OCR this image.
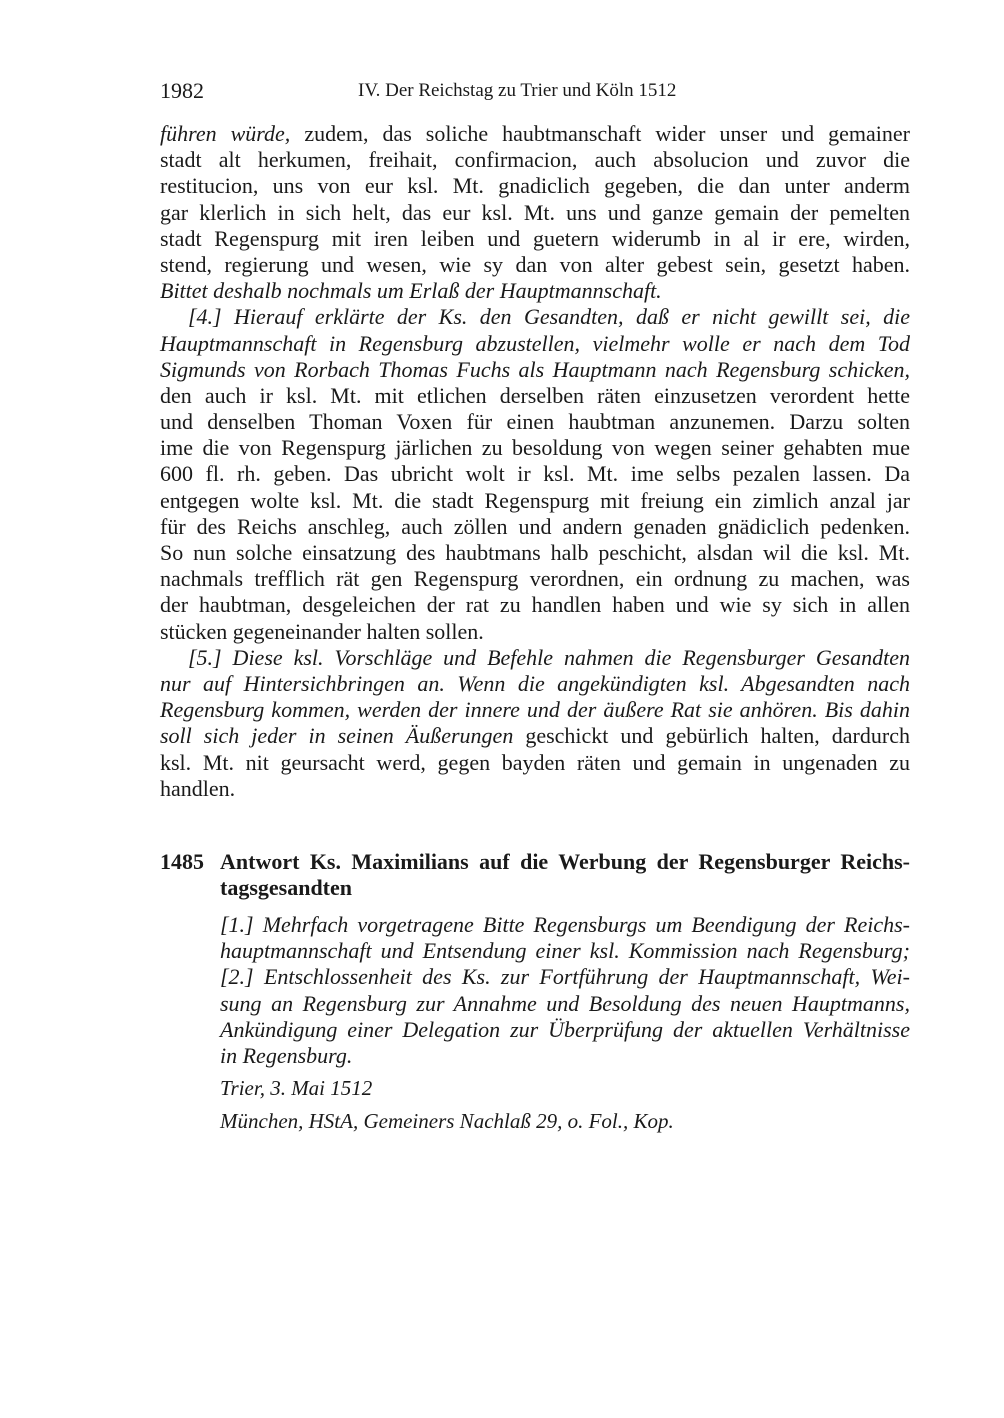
1982	IV. Der Reichstag zu Trier und Köln 1512
führen würde, zudem, das soliche haubtmanschaft wider unser und gemainer
stadt alt herkumen, freihait, confirmacion, auch absolucion und zuvor die
restitucion, uns von eur ksl. Mt. gnadiclich gegeben, die dan unter anderm
gar klerlich in sich helt, das eur ksl. Mt. uns und ganze gemain der pemelten
stadt Regenspurg mit iren leiben und guetern widerumb in al ir ere, wirden,
stend, regierung und wesen, wie sy dan von alter gebest sein, gesetzt haben.
Bittet deshalb nochmals um Erlaß der Hauptmannschaft.
[4.] Hierauf erklärte der Ks. den Gesandten, daß er nicht gewillt sei, die
Hauptmannschaft in Regensburg abzustellen, vielmehr wolle er nach dem Tod
Sigmunds von Rorbach Thomas Fuchs als Hauptmann nach Regensburg schicken,
den auch ir ksl. Mt. mit etlichen derselben räten einzusetzen verordent hette
und denselben Thoman Voxen für einen haubtman anzunemen. Darzu solten
ime die von Regenspurg järlichen zu besoldung von wegen seiner gehabten mue
600 fl. rh. geben. Das ubricht wolt ir ksl. Mt. ime selbs pezalen lassen. Da
entgegen wolte ksl. Mt. die stadt Regenspurg mit freiung ein zimlich anzal jar
für des Reichs anschleg, auch zöllen und andern genaden gnädiclich pedenken.
So nun solche einsatzung des haubtmans halb peschicht, alsdan wil die ksl. Mt.
nachmals trefflich rät gen Regenspurg verordnen, ein ordnung zu machen, was
der haubtman, desgeleichen der rat zu handlen haben und wie sy sich in allen
stücken gegeneinander halten sollen.
[5.] Diese ksl. Vorschläge und Befehle nahmen die Regensburger Gesandten
nur auf Hintersichbringen an. Wenn die angekündigten ksl. Abgesandten nach
Regensburg kommen, werden der innere und der äußere Rat sie anhören. Bis dahin
soll sich jeder in seinen Äußerungen geschickt und gebürlich halten, dardurch
ksl. Mt. nit geursacht werd, gegen bayden räten und gemain in ungenaden zu
handlen.
1485 Antwort Ks. Maximilians auf die Werbung der Regensburger Reichs-
tagsgesandten
[1.] Mehrfach vorgetragene Bitte Regensburgs um Beendigung der Reichs-
hauptmannschaft und Entsendung einer ksl. Kommission nach Regensburg;
[2.] Entschlossenheit des Ks. zur Fortführung der Hauptmannschaft, Wei-
sung an Regensburg zur Annahme und Besoldung des neuen Hauptmanns,
Ankündigung einer Delegation zur Überprüfung der aktuellen Verhältnisse
in Regensburg.
Trier, 3. Mai 1512
München, HStA, Gemeiners Nachlaß 29, o. Fol., Kop.
